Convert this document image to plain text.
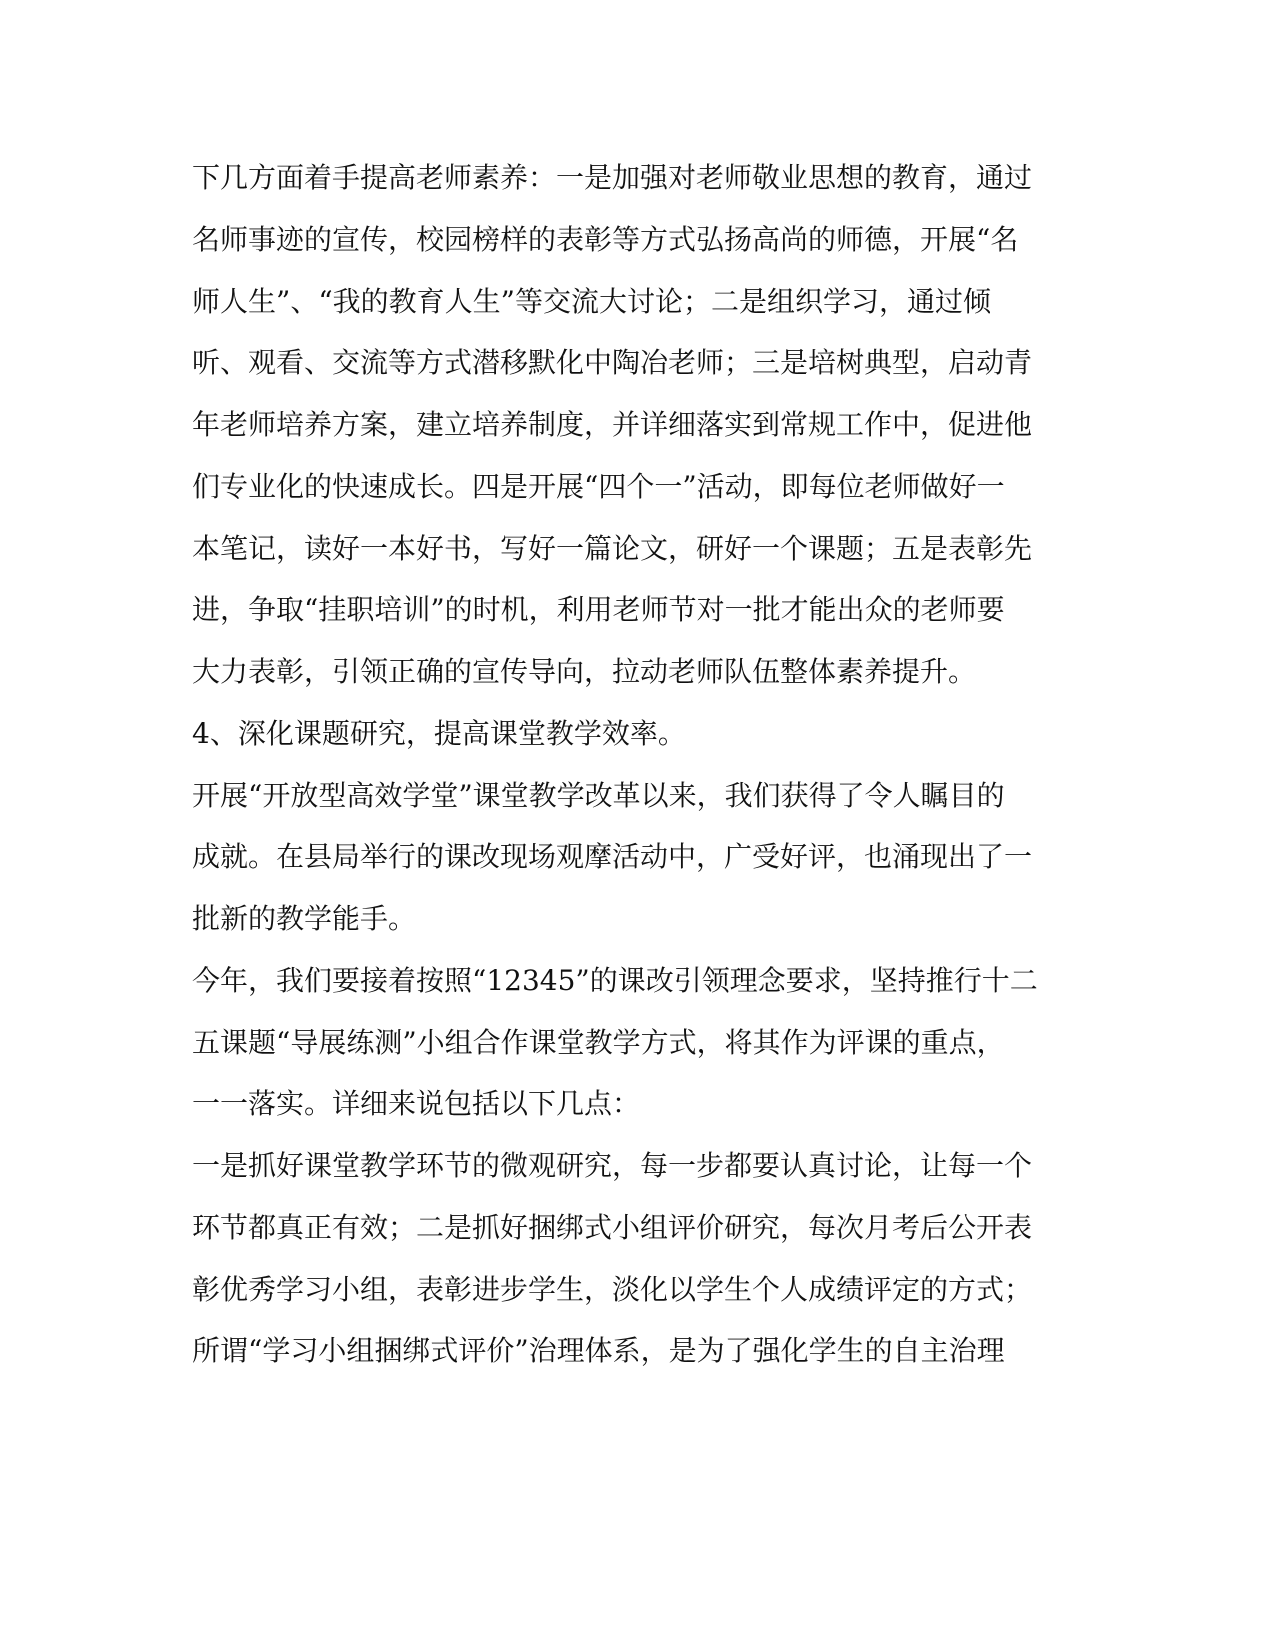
下几方面着手提高老师素养：一是加强对老师敬业思想的教育，通过

名师事迹的宣传，校园榜样的表彰等方式弘扬高尚的师德，开展“名

师人生”、“我的教育人生”等交流大讨论；二是组织学习，通过倾

听、观看、交流等方式潜移默化中陶冶老师；三是培树典型，启动青

年老师培养方案，建立培养制度，并详细落实到常规工作中，促进他

们专业化的快速成长。四是开展“四个一”活动，即每位老师做好一

本笔记，读好一本好书，写好一篇论文，研好一个课题；五是表彰先

进，争取“挂职培训”的时机，利用老师节对一批才能出众的老师要

大力表彰，引领正确的宣传导向，拉动老师队伍整体素养提升。

4、深化课题研究，提高课堂教学效率。

开展“开放型高效学堂”课堂教学改革以来，我们获得了令人瞩目的

成就。在县局举行的课改现场观摩活动中，广受好评，也涌现出了一

批新的教学能手。

今年，我们要接着按照“12345”的课改引领理念要求，坚持推行十二

五课题“导展练测”小组合作课堂教学方式，将其作为评课的重点，

一一落实。详细来说包括以下几点：

一是抓好课堂教学环节的微观研究，每一步都要认真讨论，让每一个

环节都真正有效；二是抓好捆绑式小组评价研究，每次月考后公开表

彰优秀学习小组，表彰进步学生，淡化以学生个人成绩评定的方式；

所谓“学习小组捆绑式评价”治理体系，是为了强化学生的自主治理
